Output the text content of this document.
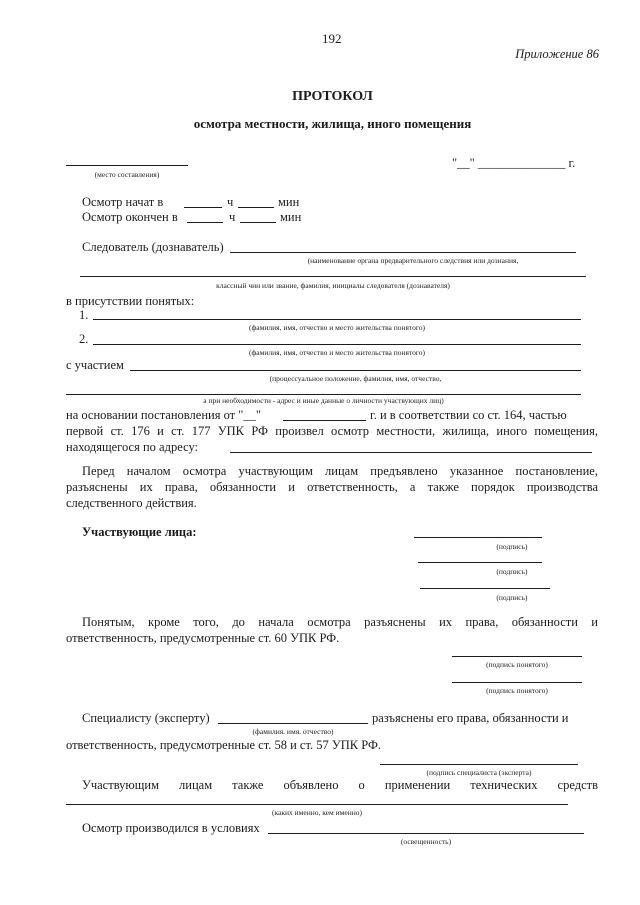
192
Приложение 86
ПРОТОКОЛ
осмотра местности, жилища, иного помещения
(место составления)
"__" ______________ г.
Осмотр начат в	ч	мин
Осмотр окончен в	ч	мин
Следователь (дознаватель)
(наименование органа предварительного следствия или дознания,
классный чин или звание, фамилия, инициалы следователя (дознавателя)
в присутствии понятых:
1.
(фамилия, имя, отчество и место жительства понятого)
2.
(фамилия, имя, отчество и место жительства понятого)
с участием
(процессуальное положение, фамилия, имя, отчество,
а при необходимости - адрес и иные данные о личности участвующих лиц)
на основании постановления от "__"	г. и в соответствии со ст. 164, частью
первой ст. 176 и ст. 177 УПК РФ произвел осмотр местности, жилища, иного помещения,
находящегося по адресу:
Перед началом осмотра участвующим лицам предъявлено указанное постановление,
разъяснены их права, обязанности и ответственность, а также порядок производства
следственного действия.
Участвующие лица:
(подпись)
(подпись)
(подпись)
Понятым, кроме того, до начала осмотра разъяснены их права, обязанности и
ответственность, предусмотренные ст. 60 УПК РФ.
(подпись понятого)
(подпись понятого)
Специалисту (эксперту)	разъяснены его права, обязанности и
(фамилия. имя. отчество)
ответственность, предусмотренные ст. 58 и ст. 57 УПК РФ.
(подпись специалиста (эксперта)
Участвующим лицам также объявлено о применении технических средств
(каких именно, кем именно)
Осмотр производился в условиях
(освещенность)
